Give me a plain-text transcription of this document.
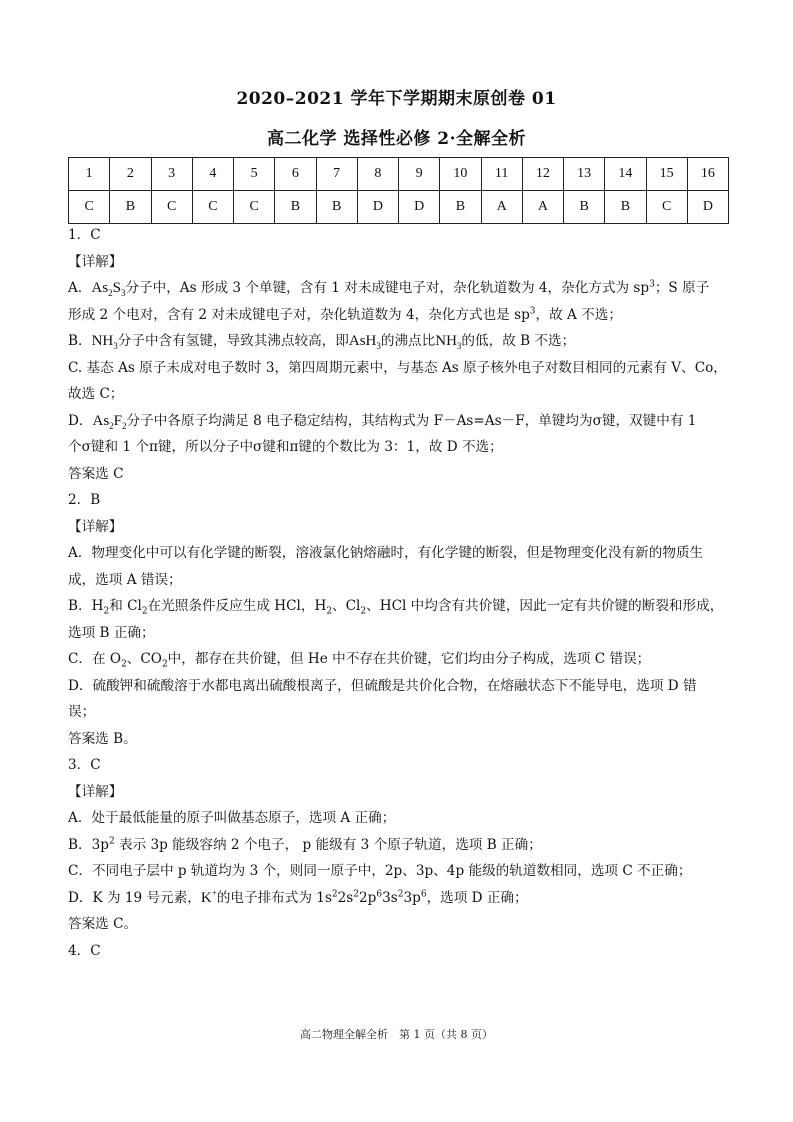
2020–2021 学年下学期期末原创卷 01
高二化学 选择性必修 2·全解全析
1	2	3	4	5	6	7	8	9	10	11	12	13	14	15	16
C	B	C	C	C	B	B	D	D	B	A	A	B	B	C	D
1．C
【详解】
A．$As_2S_3$分子中，As 形成 3 个单键，含有 1 对未成键电子对，杂化轨道数为 4，杂化方式为 $sp^3$；S 原子
形成 2 个电对，含有 2 对未成键电子对，杂化轨道数为 4，杂化方式也是 $sp^3$，故 A 不选；
B．$NH_3$分子中含有氢键，导致其沸点较高，即AsH$_3$的沸点比$NH_3$的低，故 B 不选；
C. 基态 As 原子未成对电子数时 3，第四周期元素中，与基态 As 原子核外电子对数目相同的元素有 V、Co，
故选 C；
D．$As_2F_2$分子中各原子均满足 8 电子稳定结构，其结构式为 F－As=As－F，单键均为σ键，双键中有 1
个σ键和 1 个π键，所以分子中σ键和π键的个数比为 3：1，故 D 不选；
答案选 C
2．B
【详解】
A．物理变化中可以有化学键的断裂，溶液氯化钠熔融时，有化学键的断裂，但是物理变化没有新的物质生
成，选项 A 错误；
B．$H_2$和 $Cl_2$在光照条件反应生成 HCl，$H_2$、$Cl_2$、HCl 中均含有共价键，因此一定有共价键的断裂和形成，
选项 B 正确；
C．在 $O_2$、$CO_2$中，都存在共价键，但 He 中不存在共价键，它们均由分子构成，选项 C 错误；
D．硫酸钾和硫酸溶于水都电离出硫酸根离子，但硫酸是共价化合物，在熔融状态下不能导电，选项 D 错
误；
答案选 B。
3．C
【详解】
A．处于最低能量的原子叫做基态原子，选项 A 正确；
B．$3p^2$ 表示 3p 能级容纳 2 个电子， p 能级有 3 个原子轨道，选项 B 正确；
C．不同电子层中 p 轨道均为 3 个，则同一原子中，2p、3p、4p 能级的轨道数相同，选项 C 不正确；
D．K 为 19 号元素，K+的电子排布式为 $1s^22s^22p^63s^23p^6$，选项 D 正确；
答案选 C。
4．C
高二物理全解全析　第 1 页（共 8 页）
